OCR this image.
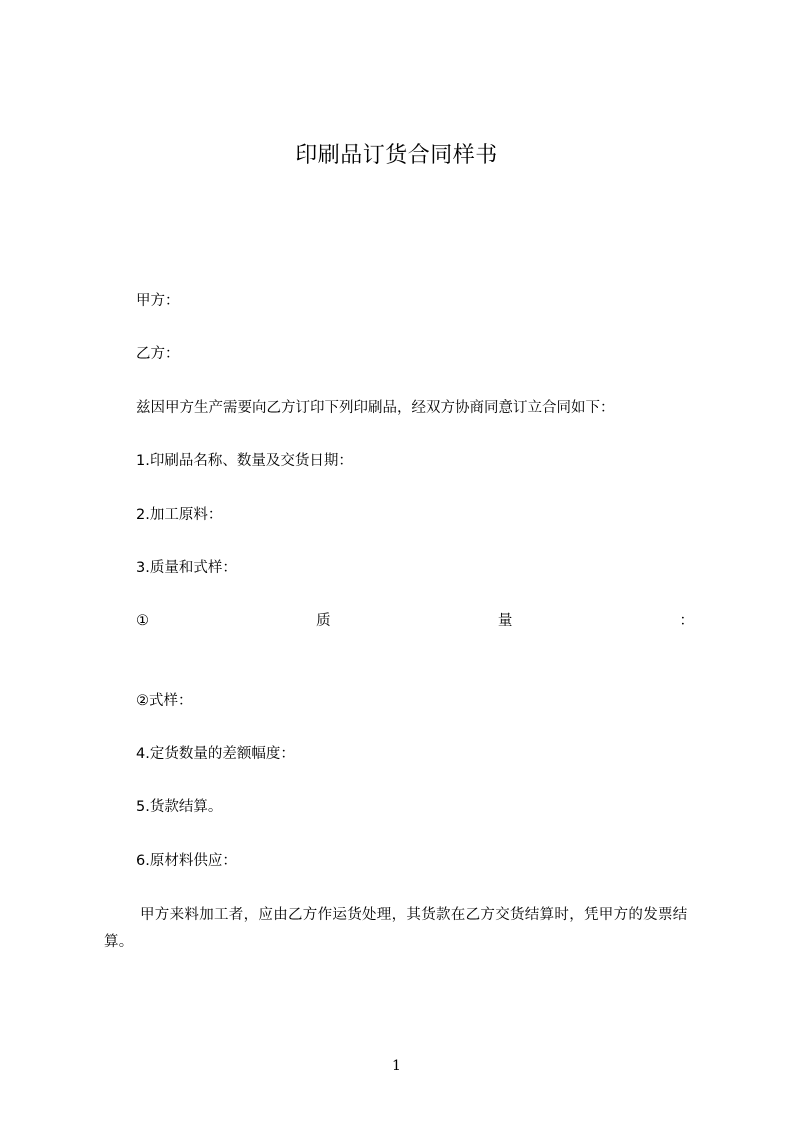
印刷品订货合同样书
甲方：
乙方：
兹因甲方生产需要向乙方订印下列印刷品，经双方协商同意订立合同如下：
1.印刷品名称、数量及交货日期：
2.加工原料：
3.质量和式样：
①	质	量	：
②式样：
4.定货数量的差额幅度：
5.货款结算。
6.原材料供应：
甲方来料加工者，应由乙方作运货处理，其货款在乙方交货结算时，凭甲方的发票结算。
1
